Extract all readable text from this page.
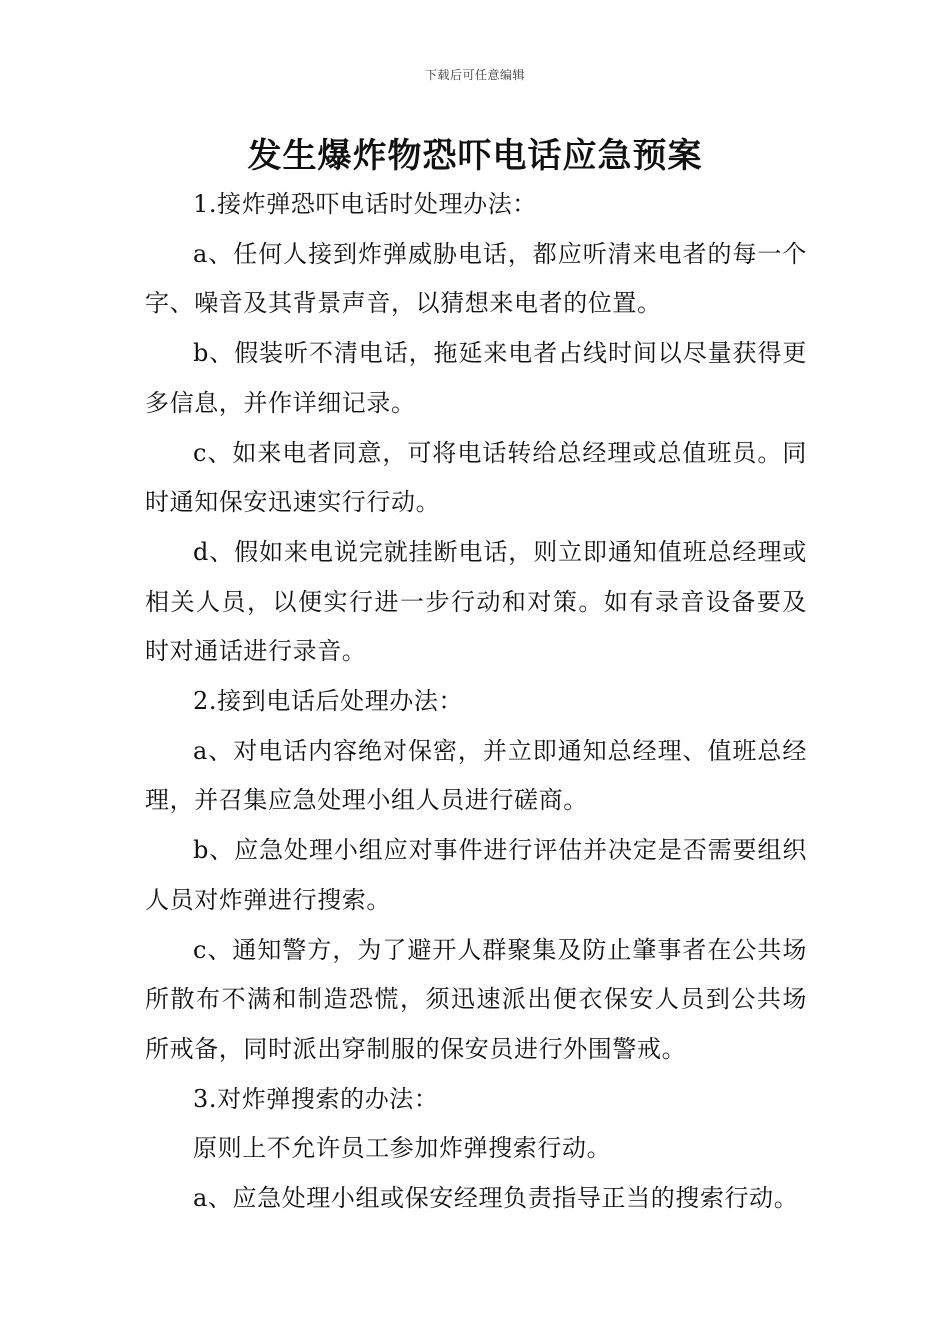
下载后可任意编辑
发生爆炸物恐吓电话应急预案

1.接炸弹恐吓电话时处理办法：

a、任何人接到炸弹威胁电话，都应听清来电者的每一个字、噪音及其背景声音，以猜想来电者的位置。

b、假装听不清电话，拖延来电者占线时间以尽量获得更多信息，并作详细记录。

c、如来电者同意，可将电话转给总经理或总值班员。同时通知保安迅速实行行动。

d、假如来电说完就挂断电话，则立即通知值班总经理或相关人员，以便实行进一步行动和对策。如有录音设备要及时对通话进行录音。

2.接到电话后处理办法：

a、对电话内容绝对保密，并立即通知总经理、值班总经理，并召集应急处理小组人员进行磋商。

b、应急处理小组应对事件进行评估并决定是否需要组织人员对炸弹进行搜索。

c、通知警方，为了避开人群聚集及防止肇事者在公共场所散布不满和制造恐慌，须迅速派出便衣保安人员到公共场所戒备，同时派出穿制服的保安员进行外围警戒。

3.对炸弹搜索的办法：

原则上不允许员工参加炸弹搜索行动。

a、应急处理小组或保安经理负责指导正当的搜索行动。
